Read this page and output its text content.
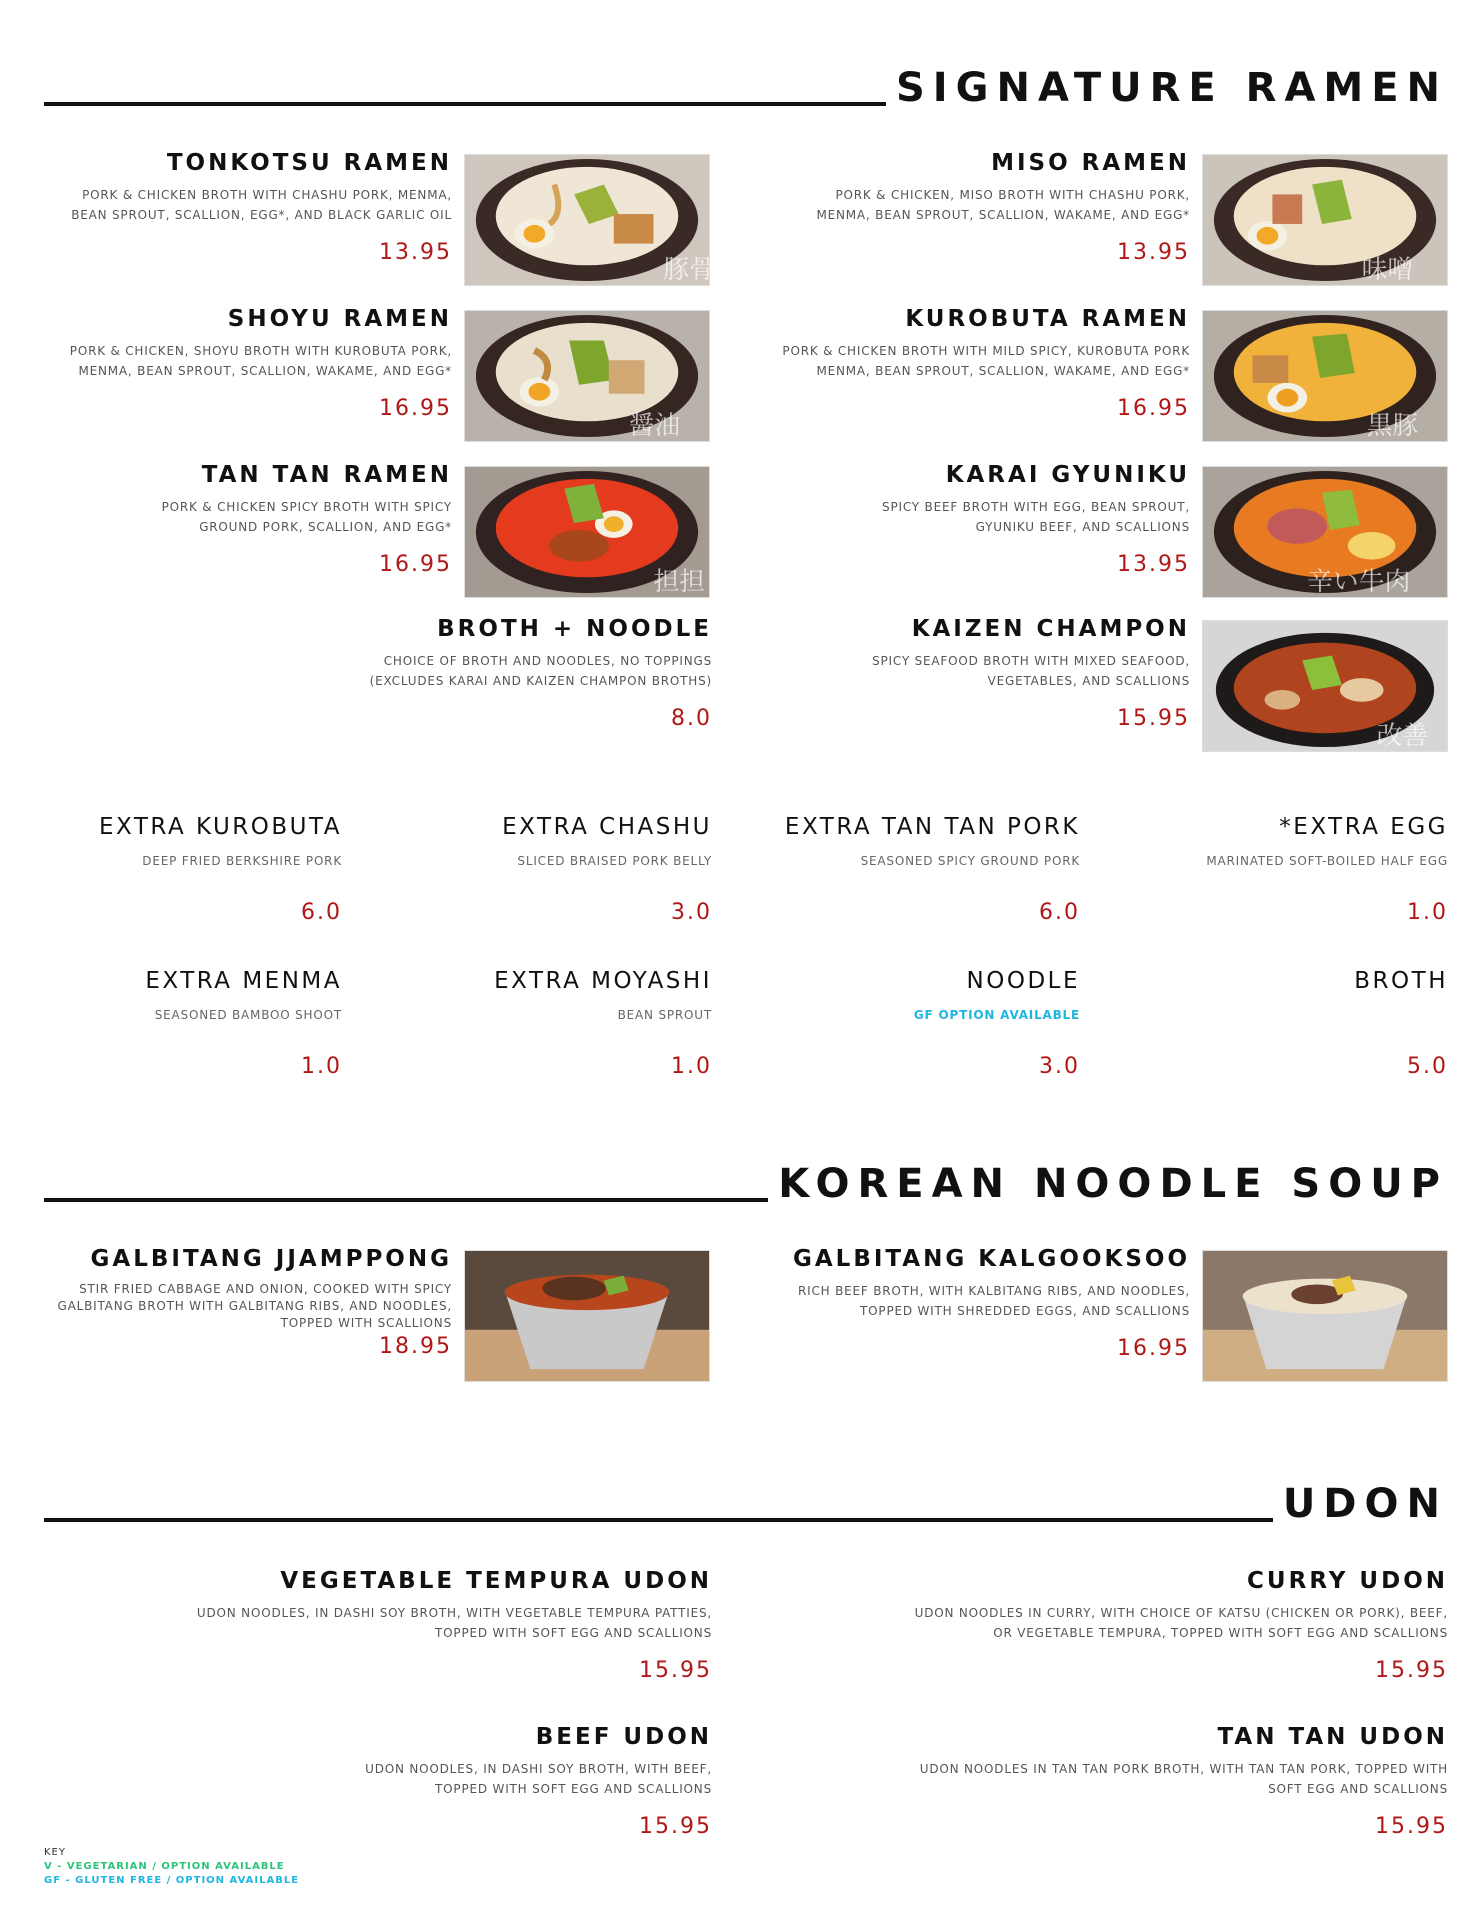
SIGNATURE RAMEN
TONKOTSU RAMEN
PORK & CHICKEN BROTH WITH CHASHU PORK, MENMA, BEAN SPROUT, SCALLION, EGG*, AND BLACK GARLIC OIL
13.95
豚骨
SHOYU RAMEN
PORK & CHICKEN, SHOYU BROTH WITH KUROBUTA PORK, MENMA, BEAN SPROUT, SCALLION, WAKAME, AND EGG*
16.95
醤油
TAN TAN RAMEN
PORK & CHICKEN SPICY BROTH WITH SPICY GROUND PORK, SCALLION, AND EGG*
16.95
担担
BROTH + NOODLE
CHOICE OF BROTH AND NOODLES, NO TOPPINGS (EXCLUDES KARAI AND KAIZEN CHAMPON BROTHS)
8.0
MISO RAMEN
PORK & CHICKEN, MISO BROTH WITH CHASHU PORK, MENMA, BEAN SPROUT, SCALLION, WAKAME, AND EGG*
13.95
味噌
KUROBUTA RAMEN
PORK & CHICKEN BROTH WITH MILD SPICY, KUROBUTA PORK MENMA, BEAN SPROUT, SCALLION, WAKAME, AND EGG*
16.95
黒豚
KARAI GYUNIKU
SPICY BEEF BROTH WITH EGG, BEAN SPROUT, GYUNIKU BEEF, AND SCALLIONS
13.95
辛い牛肉
KAIZEN CHAMPON
SPICY SEAFOOD BROTH WITH MIXED SEAFOOD, VEGETABLES, AND SCALLIONS
15.95
改善
EXTRA KUROBUTA
DEEP FRIED BERKSHIRE PORK
6.0
EXTRA CHASHU
SLICED BRAISED PORK BELLY
3.0
EXTRA TAN TAN PORK
SEASONED SPICY GROUND PORK
6.0
*EXTRA EGG
MARINATED SOFT-BOILED HALF EGG
1.0
EXTRA MENMA
SEASONED BAMBOO SHOOT
1.0
EXTRA MOYASHI
BEAN SPROUT
1.0
NOODLE
GF OPTION AVAILABLE
3.0
BROTH
5.0
KOREAN NOODLE SOUP
GALBITANG JJAMPPONG
STIR FRIED CABBAGE AND ONION, COOKED WITH SPICY GALBITANG BROTH WITH GALBITANG RIBS, AND NOODLES, TOPPED WITH SCALLIONS
18.95
GALBITANG KALGOOKSOO
RICH BEEF BROTH, WITH KALBITANG RIBS, AND NOODLES, TOPPED WITH SHREDDED EGGS, AND SCALLIONS
16.95
UDON
VEGETABLE TEMPURA UDON
UDON NOODLES, IN DASHI SOY BROTH, WITH VEGETABLE TEMPURA PATTIES, TOPPED WITH SOFT EGG AND SCALLIONS
15.95
CURRY UDON
UDON NOODLES IN CURRY, WITH CHOICE OF KATSU (CHICKEN OR PORK), BEEF, OR VEGETABLE TEMPURA, TOPPED WITH SOFT EGG AND SCALLIONS
15.95
BEEF UDON
UDON NOODLES, IN DASHI SOY BROTH, WITH BEEF, TOPPED WITH SOFT EGG AND SCALLIONS
15.95
TAN TAN UDON
UDON NOODLES IN TAN TAN PORK BROTH, WITH TAN TAN PORK, TOPPED WITH SOFT EGG AND SCALLIONS
15.95
KEY
V - VEGETARIAN / OPTION AVAILABLE
GF - GLUTEN FREE / OPTION AVAILABLE
